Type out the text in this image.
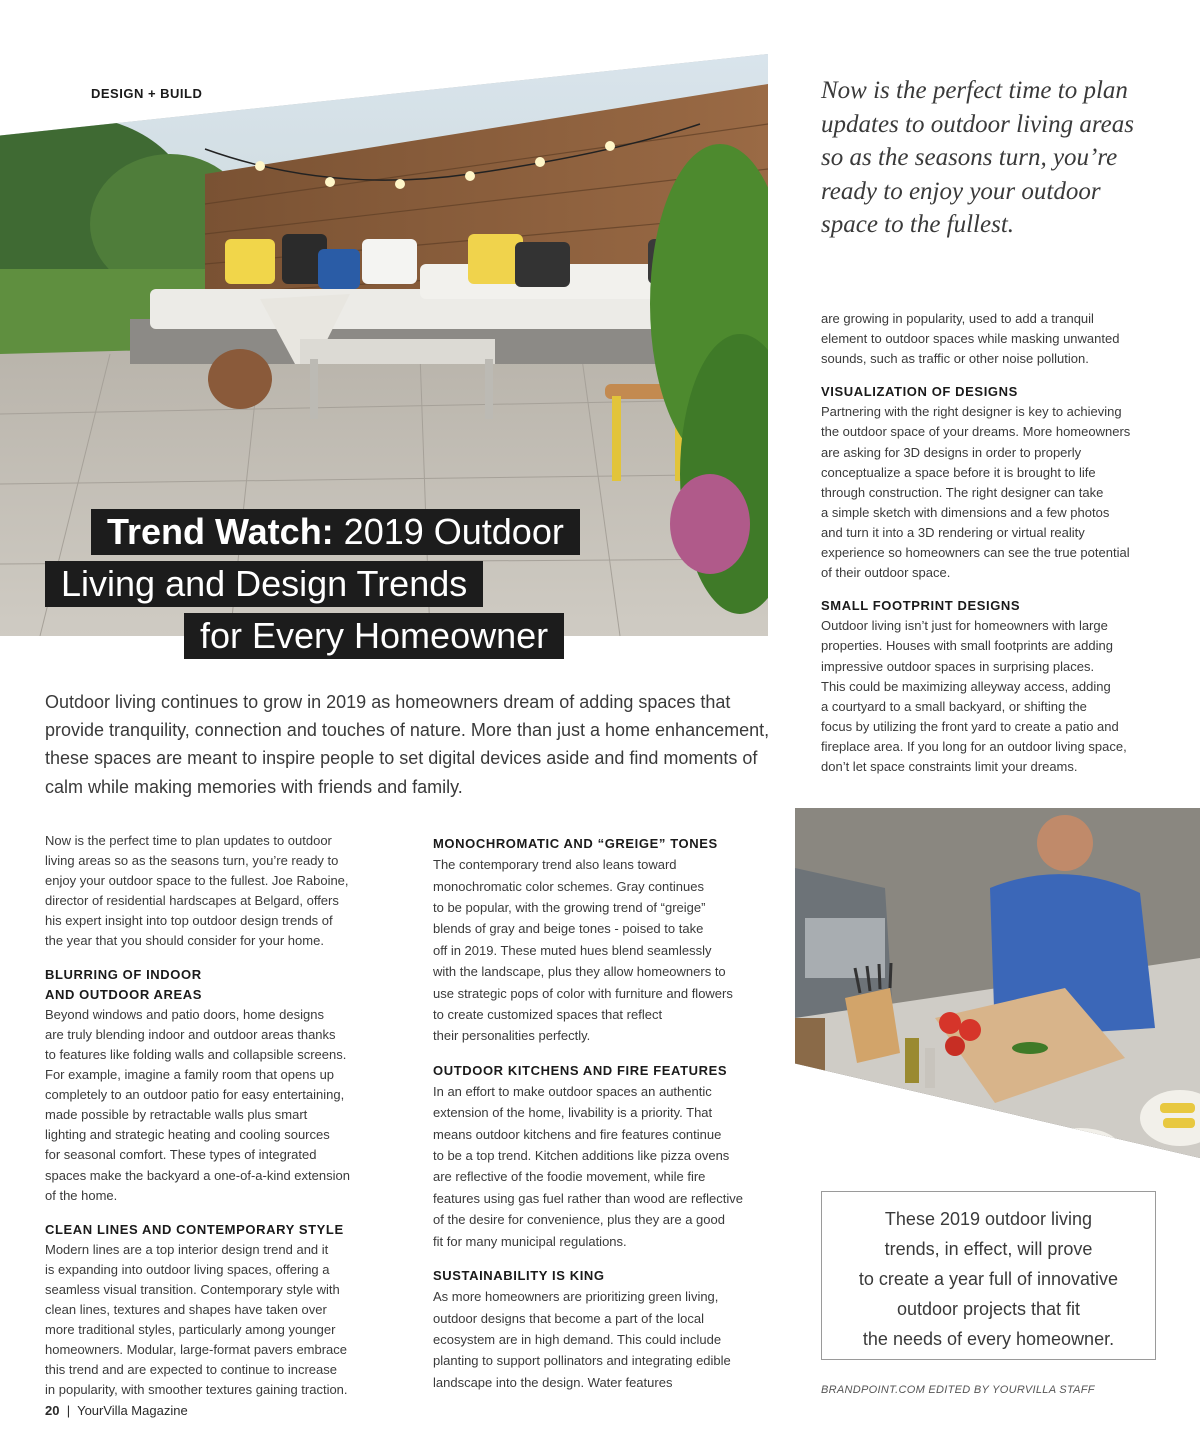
DESIGN + BUILD
Trend Watch: 2019 Outdoor
Living and Design Trends
for Every Homeowner
Now is the perfect time to plan updates to outdoor living areas so as the seasons turn, you’re ready to enjoy your outdoor space to the fullest.
Outdoor living continues to grow in 2019 as homeowners dream of adding spaces that provide tranquility, connection and touches of nature. More than just a home enhancement, these spaces are meant to inspire people to set digital devices aside and find moments of calm while making memories with friends and family.

Now is the perfect time to plan updates to outdoor
living areas so as the seasons turn, you’re ready to
enjoy your outdoor space to the fullest. Joe Raboine,
director of residential hardscapes at Belgard, offers
his expert insight into top outdoor design trends of
the year that you should consider for your home.

BLURRING OF INDOOR
AND OUTDOOR AREAS

Beyond windows and patio doors, home designs
are truly blending indoor and outdoor areas thanks
to features like folding walls and collapsible screens.
For example, imagine a family room that opens up
completely to an outdoor patio for easy entertaining,
made possible by retractable walls plus smart
lighting and strategic heating and cooling sources
for seasonal comfort. These types of integrated
spaces make the backyard a one-of-a-kind extension
of the home.

CLEAN LINES AND CONTEMPORARY STYLE

Modern lines are a top interior design trend and it
is expanding into outdoor living spaces, offering a
seamless visual transition. Contemporary style with
clean lines, textures and shapes have taken over
more traditional styles, particularly among younger
homeowners. Modular, large-format pavers embrace
this trend and are expected to continue to increase
in popularity, with smoother textures gaining traction.

MONOCHROMATIC AND “GREIGE” TONES

The contemporary trend also leans toward
monochromatic color schemes. Gray continues
to be popular, with the growing trend of “greige”
blends of gray and beige tones - poised to take
off in 2019. These muted hues blend seamlessly
with the landscape, plus they allow homeowners to
use strategic pops of color with furniture and flowers
to create customized spaces that reflect
their personalities perfectly.

OUTDOOR KITCHENS AND FIRE FEATURES

In an effort to make outdoor spaces an authentic
extension of the home, livability is a priority. That
means outdoor kitchens and fire features continue
to be a top trend. Kitchen additions like pizza ovens
are reflective of the foodie movement, while fire
features using gas fuel rather than wood are reflective
of the desire for convenience, plus they are a good
fit for many municipal regulations.

SUSTAINABILITY IS KING

As more homeowners are prioritizing green living,
outdoor designs that become a part of the local
ecosystem are in high demand. This could include
planting to support pollinators and integrating edible
landscape into the design. Water features

are growing in popularity, used to add a tranquil
element to outdoor spaces while masking unwanted
sounds, such as traffic or other noise pollution.

VISUALIZATION OF DESIGNS

Partnering with the right designer is key to achieving
the outdoor space of your dreams. More homeowners
are asking for 3D designs in order to properly
conceptualize a space before it is brought to life
through construction. The right designer can take
a simple sketch with dimensions and a few photos
and turn it into a 3D rendering or virtual reality
experience so homeowners can see the true potential
of their outdoor space.

SMALL FOOTPRINT DESIGNS

Outdoor living isn’t just for homeowners with large
properties. Houses with small footprints are adding
impressive outdoor spaces in surprising places.
This could be maximizing alleyway access, adding
a courtyard to a small backyard, or shifting the
focus by utilizing the front yard to create a patio and
fireplace area. If you long for an outdoor living space,
don’t let space constraints limit your dreams.

These 2019 outdoor living
trends, in effect, will prove
to create a year full of innovative
outdoor projects that fit
the needs of every homeowner.
BRANDPOINT.COM EDITED BY YOURVILLA STAFF
20 | YourVilla Magazine
